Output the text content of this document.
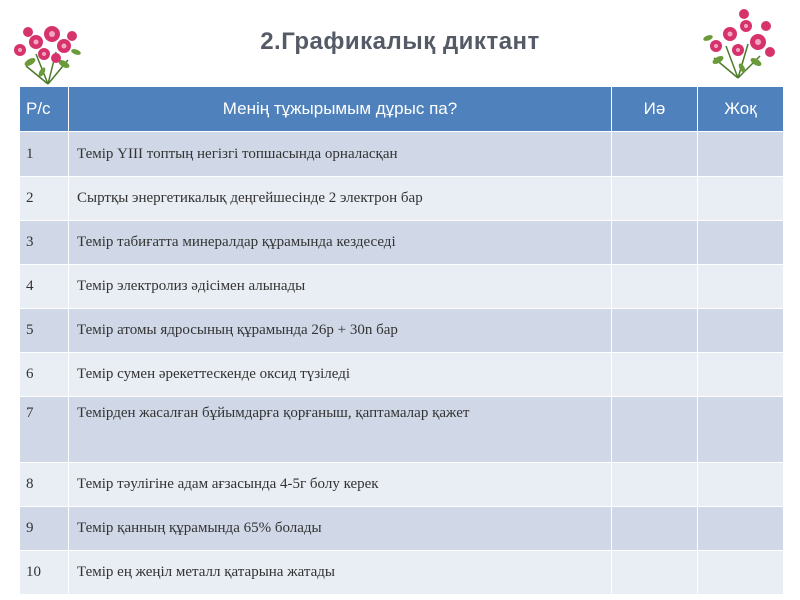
2.Графикалық диктант
Р/с	Менің тұжырымым дұрыс па?	Иә	Жоқ
1	Темір ҮIII топтың негізгі топшасында орналасқан		
2	Сыртқы энергетикалық деңгейшесінде 2 электрон бар		
3	Темір табиғатта минералдар құрамында кездеседі		
4	Темір электролиз әдісімен алынады		
5	Темір атомы ядросының құрамында 26р + 30n бар		
6	Темір сумен әрекеттескенде оксид түзіледі		
7	Темірден жасалған бұйымдарға қорғаныш, қаптамалар қажет		
8	Темір тәулігіне адам ағзасында 4-5г болу керек		
9	Темір қанның құрамында 65% болады		
10	Темір ең жеңіл металл қатарына жатады		
